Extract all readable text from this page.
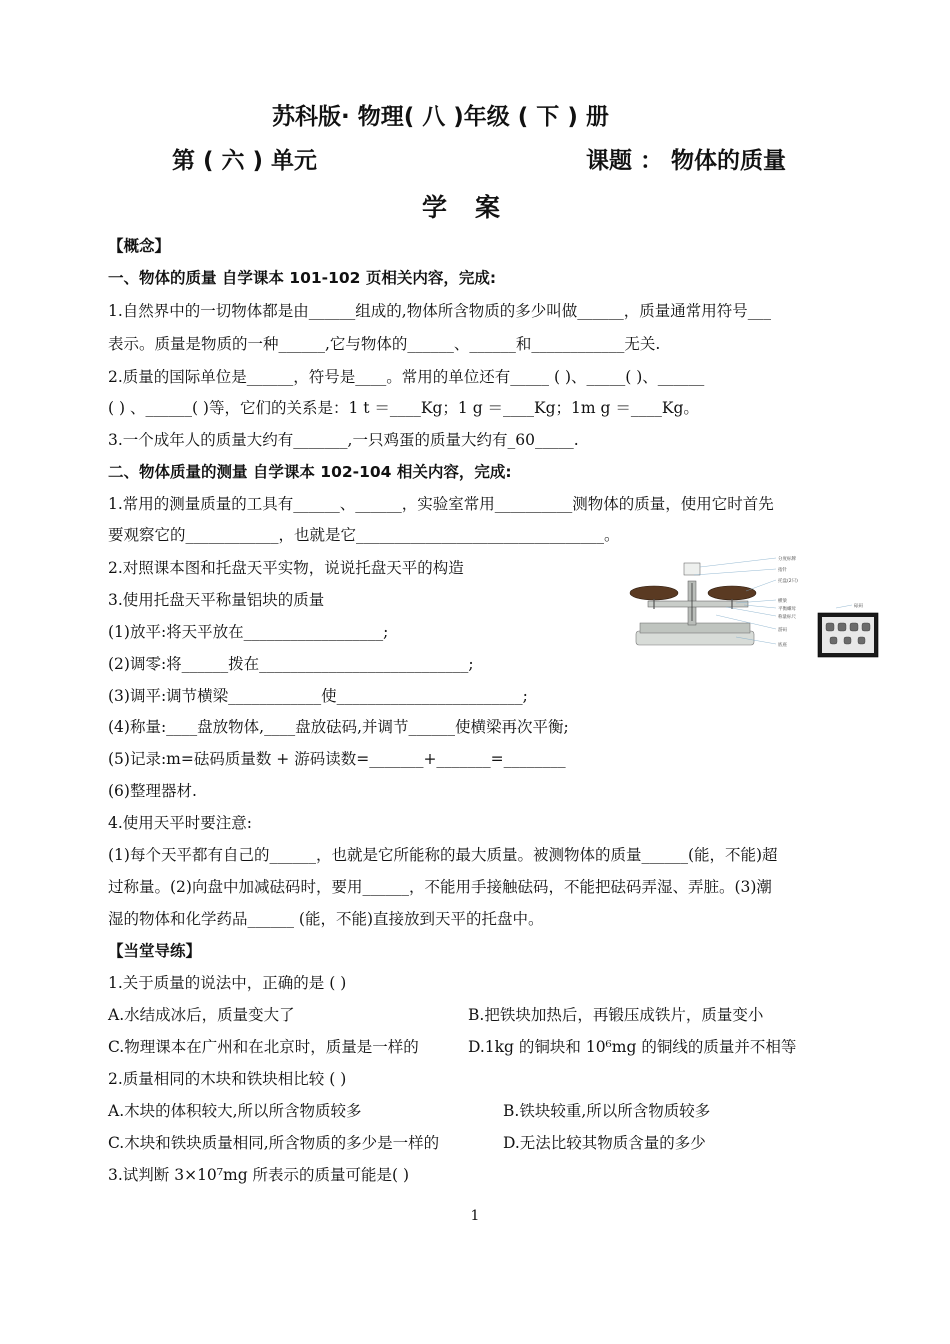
苏科版· 物理( 八 )年级 ( 下 ) 册
第 ( 六 ) 单元	课题 ： 物体的质量
学案
【概念】
一、物体的质量 自学课本 101-102 页相关内容，完成:
1.自然界中的一切物体都是由______组成的,物体所含物质的多少叫做______，质量通常用符号___
表示。质量是物质的一种______,它与物体的______、______和____________无关.
2.质量的国际单位是______，符号是____。常用的单位还有_____ ( )、_____( )、______
( ) 、______( )等，它们的关系是：1 t ＝____Kg；1 g ＝____Kg；1m g ＝____Kg。
3.一个成年人的质量大约有_______,一只鸡蛋的质量大约有_60_____.
二、物体质量的测量 自学课本 102-104 相关内容，完成:
1.常用的测量质量的工具有______、______，实验室常用__________测物体的质量，使用它时首先
要观察它的____________，也就是它________________________________。
2.对照课本图和托盘天平实物，说说托盘天平的构造
3.使用托盘天平称量铝块的质量
(1)放平:将天平放在__________________;
(2)调零:将______拨在___________________________;
(3)调平:调节横梁____________使________________________;
(4)称量:____盘放物体,____盘放砝码,并调节______使横梁再次平衡;
(5)记录:m=砝码质量数 + 游码读数=_______+_______=________
(6)整理器材.
4.使用天平时要注意:
(1)每个天平都有自己的______，也就是它所能称的最大质量。被测物体的质量______(能，不能)超
过称量。(2)向盘中加减砝码时，要用______，不能用手接触砝码，不能把砝码弄湿、弄脏。(3)潮
湿的物体和化学药品______ (能，不能)直接放到天平的托盘中。
【当堂导练】
1.关于质量的说法中，正确的是 ( )
A.水结成冰后，质量变大了	B.把铁块加热后，再锻压成铁片，质量变小
C.物理课本在广州和在北京时，质量是一样的	D.1kg 的铜块和 10⁶mg 的铜线的质量并不相等
2.质量相同的木块和铁块相比较 ( )
A.木块的体积较大,所以所含物质较多	B.铁块较重,所以所含物质较多
C.木块和铁块质量相同,所含物质的多少是一样的	D.无法比较其物质含量的多少
3.试判断 3×10⁷mg 所表示的质量可能是( )
1
分度标牌
指针
托盘(2只)
横梁
平衡螺母
称量标尺
游码
底座
砝码
